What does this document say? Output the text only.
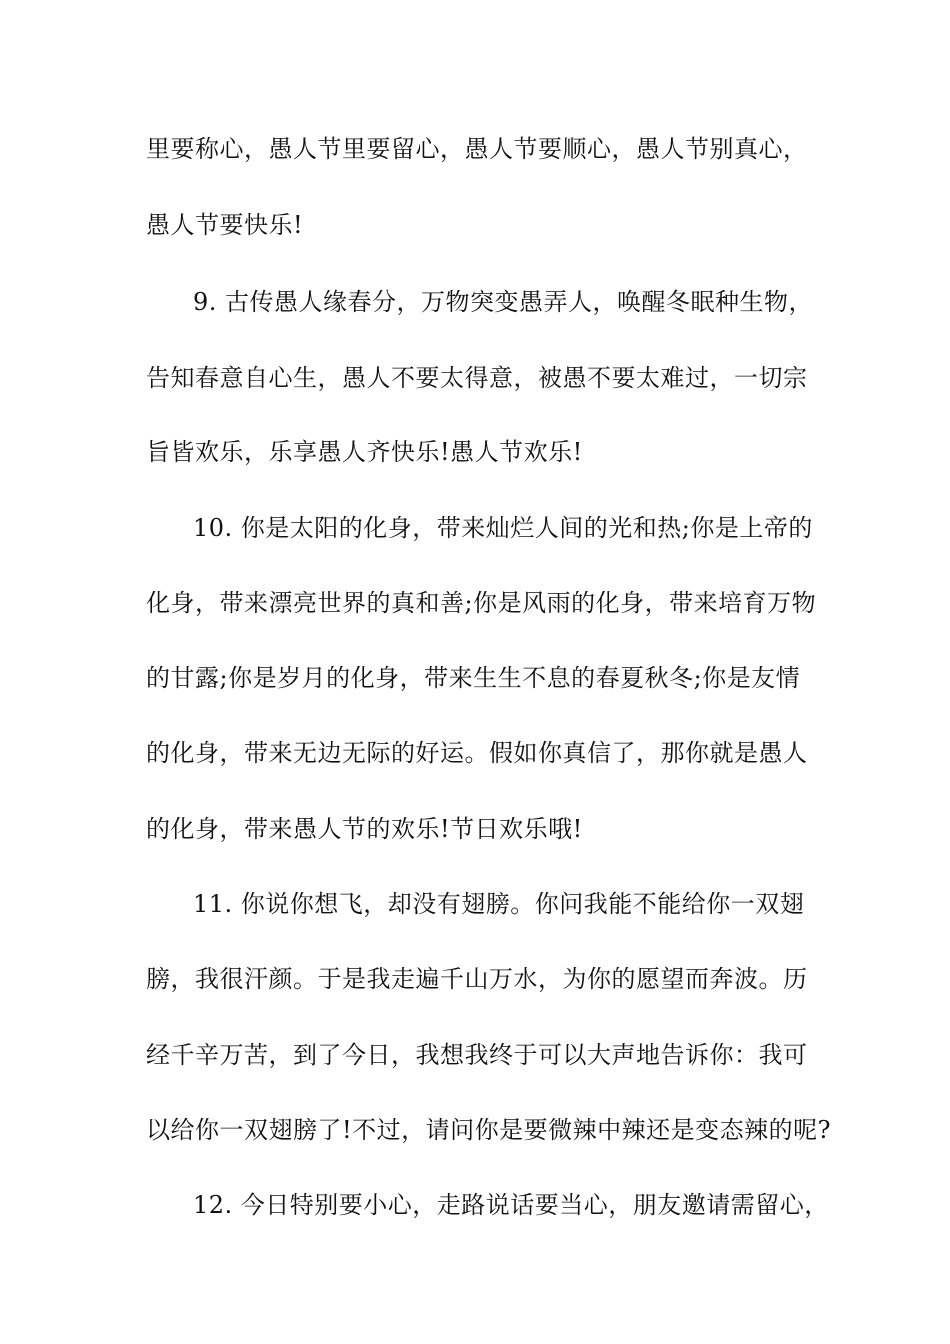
里要称心，愚人节里要留心，愚人节要顺心，愚人节别真心，
愚人节要快乐!
9. 古传愚人缘春分，万物突变愚弄人，唤醒冬眠种生物，
告知春意自心生，愚人不要太得意，被愚不要太难过，一切宗
旨皆欢乐，乐享愚人齐快乐!愚人节欢乐!
10. 你是太阳的化身，带来灿烂人间的光和热;你是上帝的
化身，带来漂亮世界的真和善;你是风雨的化身，带来培育万物
的甘露;你是岁月的化身，带来生生不息的春夏秋冬;你是友情
的化身，带来无边无际的好运。假如你真信了，那你就是愚人
的化身，带来愚人节的欢乐!节日欢乐哦!
11. 你说你想飞，却没有翅膀。你问我能不能给你一双翅
膀，我很汗颜。于是我走遍千山万水，为你的愿望而奔波。历
经千辛万苦，到了今日，我想我终于可以大声地告诉你：我可
以给你一双翅膀了!不过，请问你是要微辣中辣还是变态辣的呢?
12. 今日特别要小心，走路说话要当心，朋友邀请需留心，
